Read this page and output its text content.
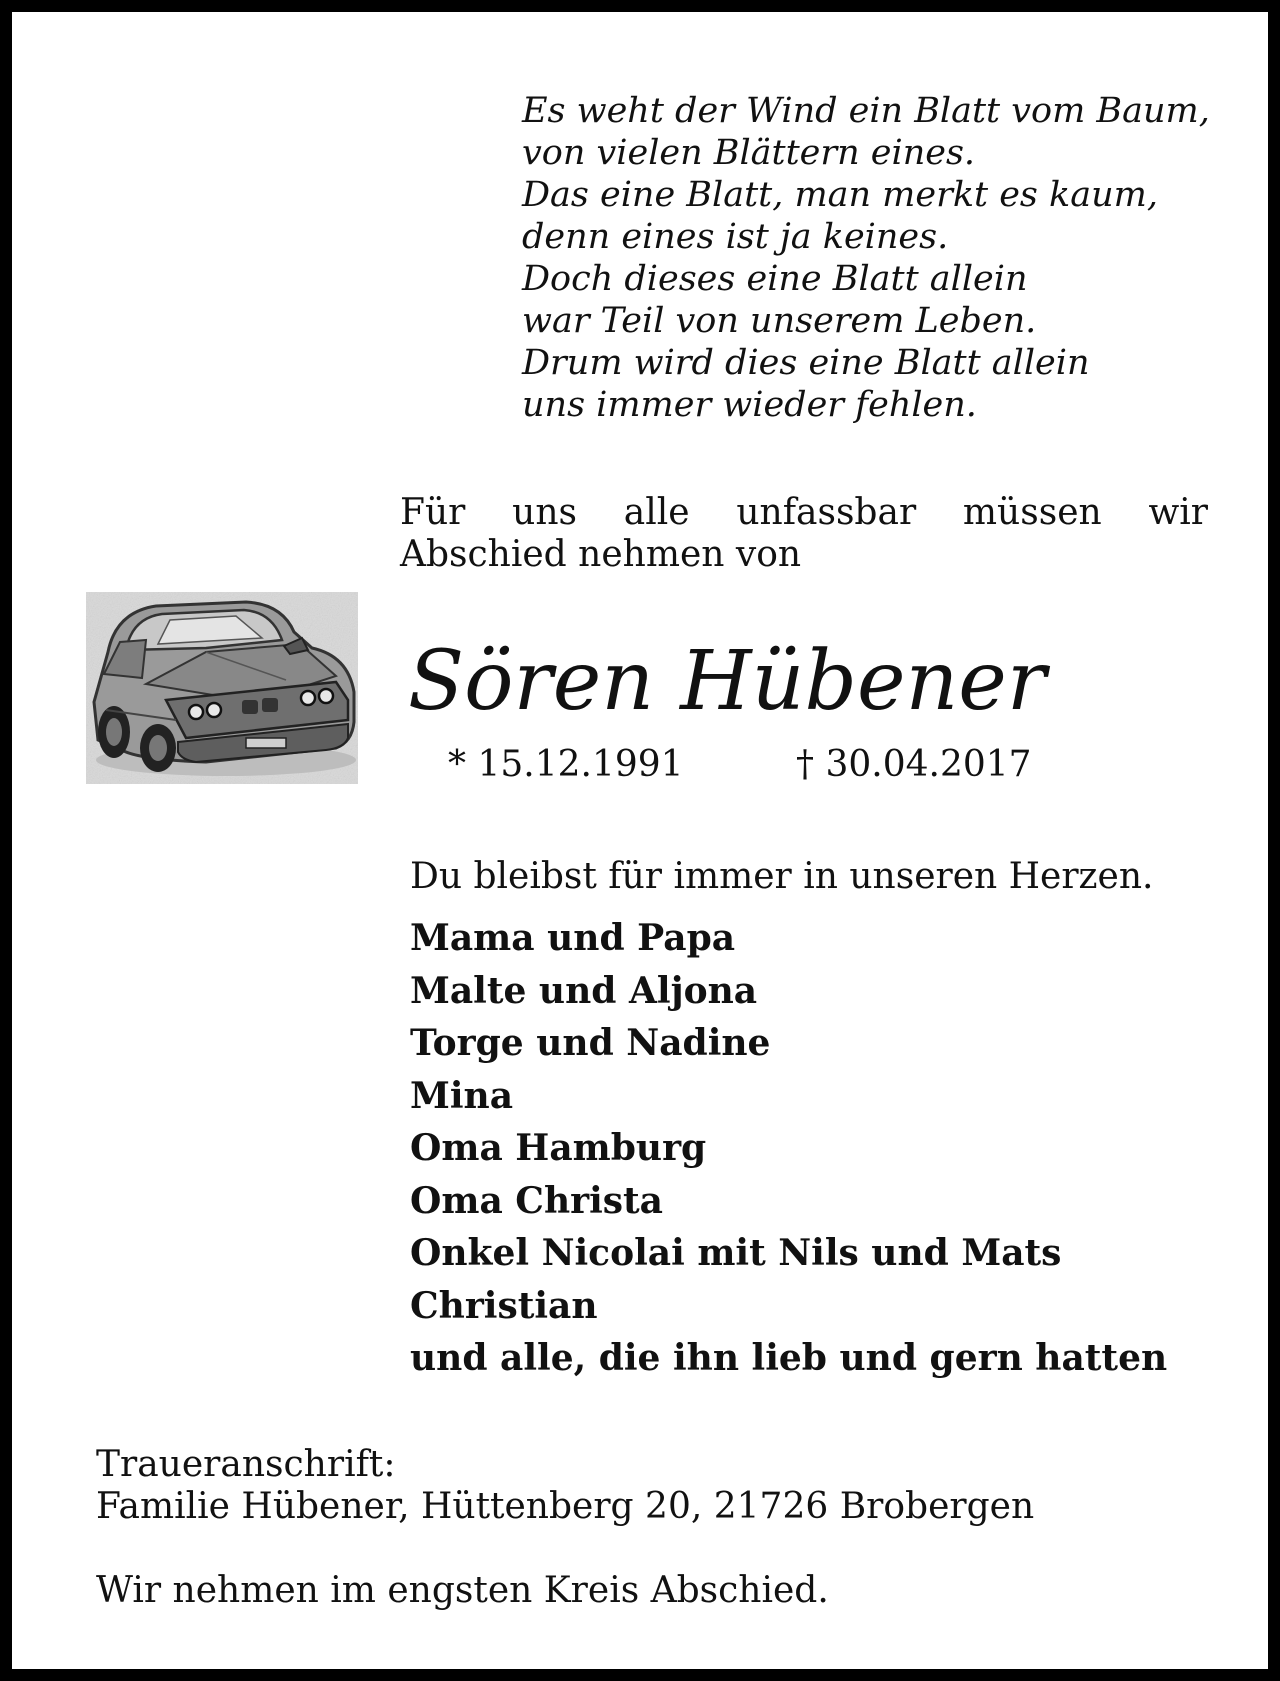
Es weht der Wind ein Blatt vom Baum,
von vielen Blättern eines.
Das eine Blatt, man merkt es kaum,
denn eines ist ja keines.
Doch dieses eine Blatt allein
war Teil von unserem Leben.
Drum wird dies eine Blatt allein
uns immer wieder fehlen.
Für uns alle unfassbar müssen wir
Abschied nehmen von
Sören Hübener
* 15.12.1991	† 30.04.2017
Du bleibst für immer in unseren Herzen.
Mama und Papa
Malte und Aljona
Torge und Nadine
Mina
Oma Hamburg
Oma Christa
Onkel Nicolai mit Nils und Mats
Christian
und alle, die ihn lieb und gern hatten
Traueranschrift:
Familie Hübener, Hüttenberg 20, 21726 Brobergen
Wir nehmen im engsten Kreis Abschied.
